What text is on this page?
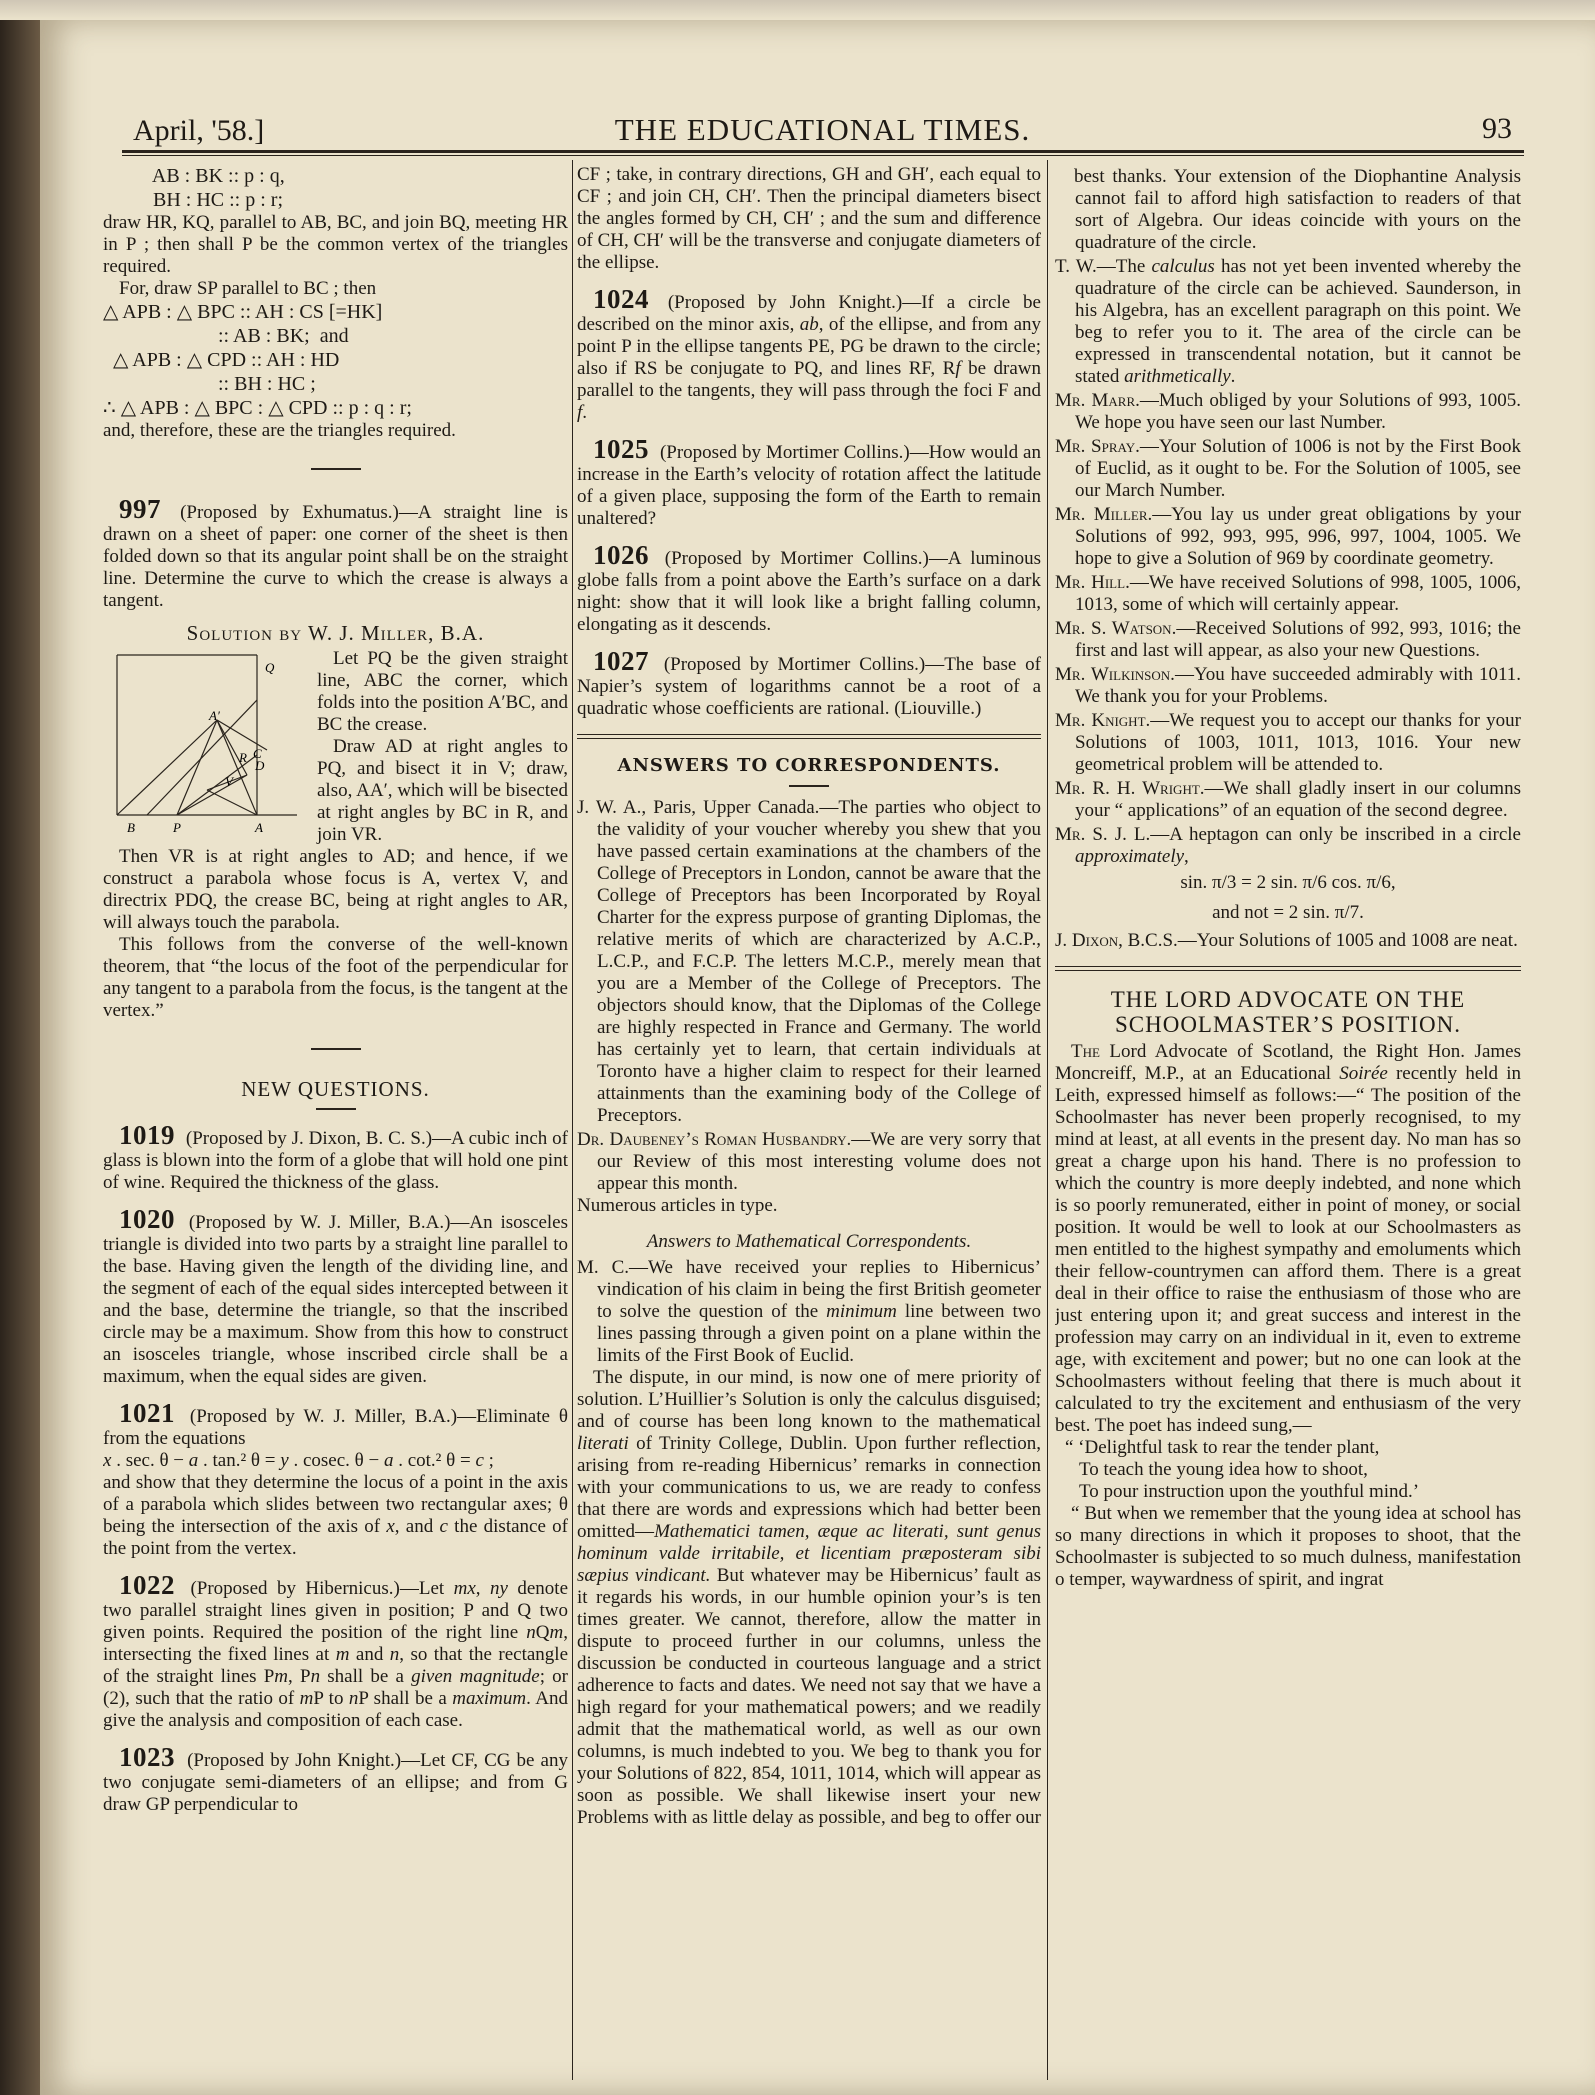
April, '58.]	THE EDUCATIONAL TIMES.	93
AB : BK :: p : q,
BH : HC :: p : r;

draw HR, KQ, parallel to AB, BC, and join BQ, meeting HR in P ; then shall P be the common vertex of the triangles required.

For, draw SP parallel to BC ; then

△ APB : △ BPC :: AH : CS [=HK]
:: AB : BK;  and
△ APB : △ CPD :: AH : HD
:: BH : HC ;
∴ △ APB : △ BPC : △ CPD :: p : q : r;

and, therefore, these are the triangles required.

997 (Proposed by Exhumatus.)—A straight line is drawn on a sheet of paper: one corner of the sheet is then folded down so that its angular point shall be on the straight line. Determine the curve to which the crease is always a tangent.

Solution by W. J. Miller, B.A.
Q
A′
R C
V
D
B	P	A

Let PQ be the given straight line, ABC the corner, which folds into the position A′BC, and BC the crease.

Draw AD at right angles to PQ, and bisect it in V; draw, also, AA′, which will be bisected at right angles by BC in R, and join VR.

Then VR is at right angles to AD; and hence, if we construct a parabola whose focus is A, vertex V, and directrix PDQ, the crease BC, being at right angles to AR, will always touch the parabola.

This follows from the converse of the well-known theorem, that “the locus of the foot of the perpendicular for any tangent to a parabola from the focus, is the tangent at the vertex.”

NEW QUESTIONS.

1019 (Proposed by J. Dixon, B. C. S.)—A cubic inch of glass is blown into the form of a globe that will hold one pint of wine. Required the thickness of the glass.

1020 (Proposed by W. J. Miller, B.A.)—An isosceles triangle is divided into two parts by a straight line parallel to the base. Having given the length of the dividing line, and the segment of each of the equal sides intercepted between it and the base, determine the triangle, so that the inscribed circle may be a maximum. Show from this how to construct an isosceles triangle, whose inscribed circle shall be a maximum, when the equal sides are given.

1021 (Proposed by W. J. Miller, B.A.)—Eliminate θ from the equations

x . sec. θ − a . tan.² θ = y . cosec. θ − a . cot.² θ = c ;

and show that they determine the locus of a point in the axis of a parabola which slides between two rectangular axes; θ being the intersection of the axis of x, and c the distance of the point from the vertex.

1022 (Proposed by Hibernicus.)—Let mx, ny denote two parallel straight lines given in position; P and Q two given points. Required the position of the right line nQm, intersecting the fixed lines at m and n, so that the rectangle of the straight lines Pm, Pn shall be a given magnitude; or (2), such that the ratio of mP to nP shall be a maximum. And give the analysis and composition of each case.

1023 (Proposed by John Knight.)—Let CF, CG be any two conjugate semi-diameters of an ellipse; and from G draw GP perpendicular to

CF ; take, in contrary directions, GH and GH′, each equal to CF ; and join CH, CH′. Then the principal diameters bisect the angles formed by CH, CH′ ; and the sum and difference of CH, CH′ will be the transverse and conjugate diameters of the ellipse.

1024 (Proposed by John Knight.)—If a circle be described on the minor axis, ab, of the ellipse, and from any point P in the ellipse tangents PE, PG be drawn to the circle; also if RS be conjugate to PQ, and lines RF, Rf be drawn parallel to the tangents, they will pass through the foci F and f.

1025 (Proposed by Mortimer Collins.)—How would an increase in the Earth’s velocity of rotation affect the latitude of a given place, supposing the form of the Earth to remain unaltered?

1026 (Proposed by Mortimer Collins.)—A luminous globe falls from a point above the Earth’s surface on a dark night: show that it will look like a bright falling column, elongating as it descends.

1027 (Proposed by Mortimer Collins.)—The base of Napier’s system of logarithms cannot be a root of a quadratic whose coefficients are rational. (Liouville.)

ANSWERS TO CORRESPONDENTS.

J. W. A., Paris, Upper Canada.—The parties who object to the validity of your voucher whereby you shew that you have passed certain examinations at the chambers of the College of Preceptors in London, cannot be aware that the College of Preceptors has been Incorporated by Royal Charter for the express purpose of granting Diplomas, the relative merits of which are characterized by A.C.P., L.C.P., and F.C.P. The letters M.C.P., merely mean that you are a Member of the College of Preceptors. The objectors should know, that the Diplomas of the College are highly respected in France and Germany. The world has certainly yet to learn, that certain individuals at Toronto have a higher claim to respect for their learned attainments than the examining body of the College of Preceptors.

Dr. Daubeney’s Roman Husbandry.—We are very sorry that our Review of this most interesting volume does not appear this month.

Numerous articles in type.

Answers to Mathematical Correspondents.

M. C.—We have received your replies to Hibernicus’ vindication of his claim in being the first British geometer to solve the question of the minimum line between two lines passing through a given point on a plane within the limits of the First Book of Euclid.

The dispute, in our mind, is now one of mere priority of solution. L’Huillier’s Solution is only the calculus disguised; and of course has been long known to the mathematical literati of Trinity College, Dublin. Upon further reflection, arising from re-reading Hibernicus’ remarks in connection with your communications to us, we are ready to confess that there are words and expressions which had better been omitted—Mathematici tamen, æque ac literati, sunt genus hominum valde irritabile, et licentiam præposteram sibi sæpius vindicant. But whatever may be Hibernicus’ fault as it regards his words, in our humble opinion your’s is ten times greater. We cannot, therefore, allow the matter in dispute to proceed further in our columns, unless the discussion be conducted in courteous language and a strict adherence to facts and dates. We need not say that we have a high regard for your mathematical powers; and we readily admit that the mathematical world, as well as our own columns, is much indebted to you. We beg to thank you for your Solutions of 822, 854, 1011, 1014, which will appear as soon as possible. We shall likewise insert your new Problems with as little delay as possible, and beg to offer our

 best thanks. Your extension of the Diophantine Analysis cannot fail to afford high satisfaction to readers of that sort of Algebra. Our ideas coincide with yours on the quadrature of the circle.

T. W.—The calculus has not yet been invented whereby the quadrature of the circle can be achieved. Saunderson, in his Algebra, has an excellent paragraph on this point. We beg to refer you to it. The area of the circle can be expressed in transcendental notation, but it cannot be stated arithmetically.

Mr. Marr.—Much obliged by your Solutions of 993, 1005. We hope you have seen our last Number.

Mr. Spray.—Your Solution of 1006 is not by the First Book of Euclid, as it ought to be. For the Solution of 1005, see our March Number.

Mr. Miller.—You lay us under great obligations by your Solutions of 992, 993, 995, 996, 997, 1004, 1005. We hope to give a Solution of 969 by coordinate geometry.

Mr. Hill.—We have received Solutions of 998, 1005, 1006, 1013, some of which will certainly appear.

Mr. S. Watson.—Received Solutions of 992, 993, 1016; the first and last will appear, as also your new Questions.

Mr. Wilkinson.—You have succeeded admirably with 1011. We thank you for your Problems.

Mr. Knight.—We request you to accept our thanks for your Solutions of 1003, 1011, 1013, 1016. Your new geometrical problem will be attended to.

Mr. R. H. Wright.—We shall gladly insert in our columns your “ applications” of an equation of the second degree.

Mr. S. J. L.—A heptagon can only be inscribed in a circle approximately,

sin. π/3 = 2 sin. π/6 cos. π/6,
and not = 2 sin. π/7.

J. Dixon, B.C.S.—Your Solutions of 1005 and 1008 are neat.

THE LORD ADVOCATE ON THE SCHOOLMASTER’S POSITION.

The Lord Advocate of Scotland, the Right Hon. James Moncreiff, M.P., at an Educational Soirée recently held in Leith, expressed himself as follows:—“ The position of the Schoolmaster has never been properly recognised, to my mind at least, at all events in the present day. No man has so great a charge upon his hand. There is no profession to which the country is more deeply indebted, and none which is so poorly remunerated, either in point of money, or social position. It would be well to look at our Schoolmasters as men entitled to the highest sympathy and emoluments which their fellow-countrymen can afford them. There is a great deal in their office to raise the enthusiasm of those who are just entering upon it; and great success and interest in the profession may carry on an individual in it, even to extreme age, with excitement and power; but no one can look at the Schoolmasters without feeling that there is much about it calculated to try the excitement and enthusiasm of the very best. The poet has indeed sung,—

“ ‘Delightful task to rear the tender plant,
To teach the young idea how to shoot,
To pour instruction upon the youthful mind.’

“ But when we remember that the young idea at school has so many directions in which it proposes to shoot, that the Schoolmaster is subjected to so much dulness, manifestation o temper, waywardness of spirit, and ingrat
